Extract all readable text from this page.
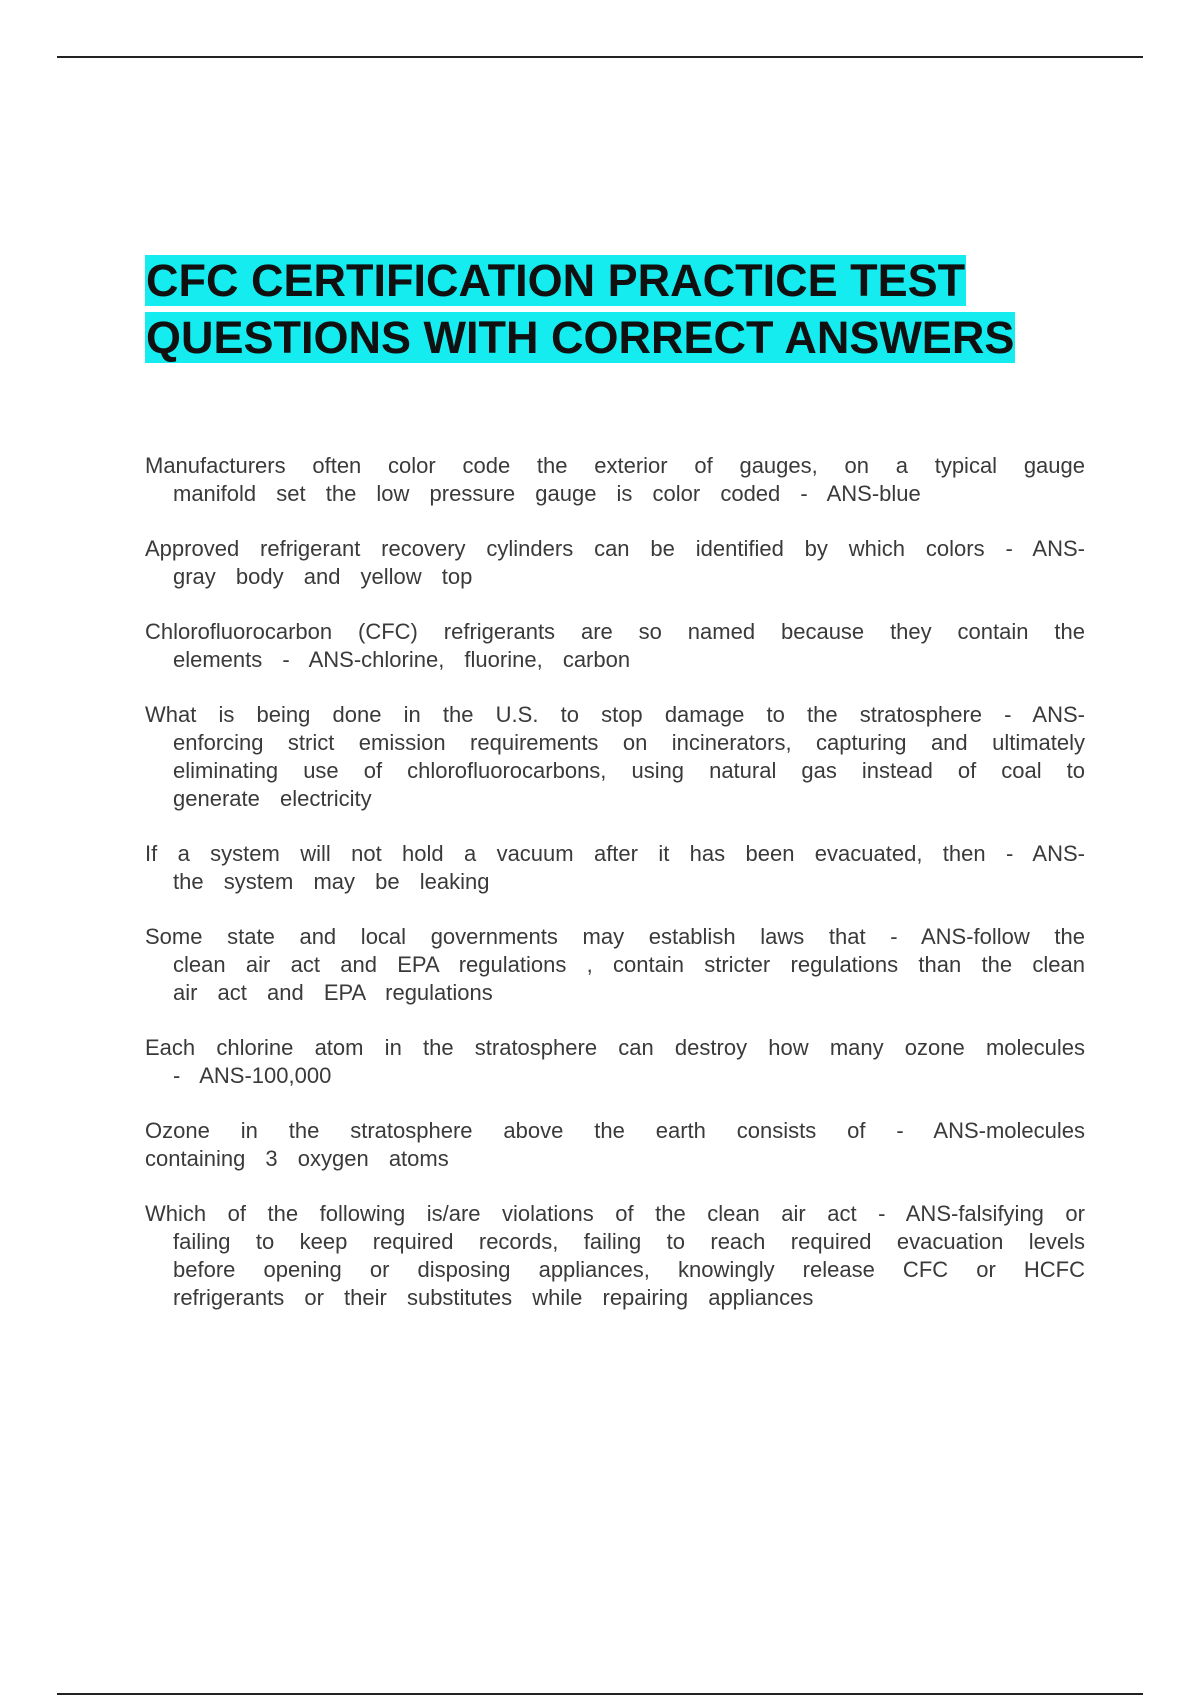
CFC CERTIFICATION PRACTICE TEST
QUESTIONS WITH CORRECT ANSWERS

Manufacturers often color code the exterior of gauges, on a typical gauge manifold set the low pressure gauge is color coded - ANS-blue

Approved refrigerant recovery cylinders can be identified by which colors - ANS-gray body and yellow top

Chlorofluorocarbon (CFC) refrigerants are so named because they contain the elements - ANS-chlorine, fluorine, carbon

What is being done in the U.S. to stop damage to the stratosphere - ANS-enforcing strict emission requirements on incinerators, capturing and ultimately eliminating use of chlorofluorocarbons, using natural gas instead of coal to generate electricity

If a system will not hold a vacuum after it has been evacuated, then - ANS-the system may be leaking

Some state and local governments may establish laws that - ANS-follow the clean air act and EPA regulations , contain stricter regulations than the clean air act and EPA regulations

Each chlorine atom in the stratosphere can destroy how many ozone molecules - ANS-100,000

Ozone in the stratosphere above the earth consists of - ANS-molecules containing 3 oxygen atoms

Which of the following is/are violations of the clean air act - ANS-falsifying or failing to keep required records, failing to reach required evacuation levels before opening or disposing appliances, knowingly release CFC or HCFC refrigerants or their substitutes while repairing appliances
